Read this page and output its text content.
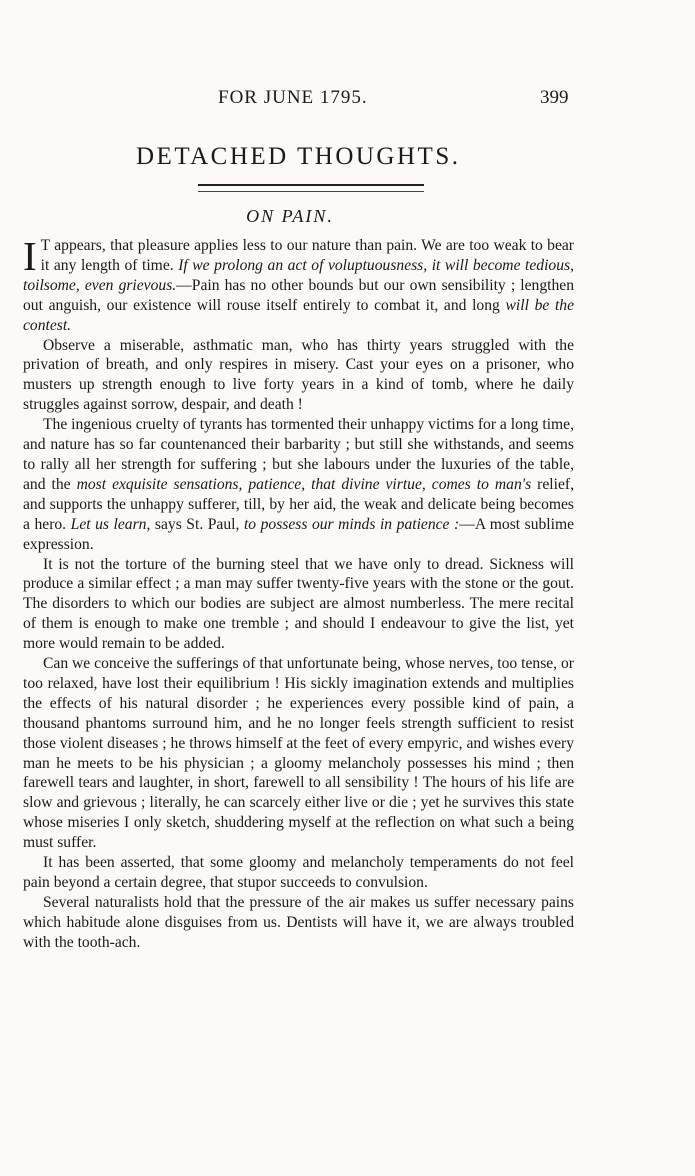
FOR JUNE 1795.	399
DETACHED THOUGHTS.
ON PAIN.

I T appears, that pleasure applies less to our nature than pain. We are too weak to bear it any length of time. If we prolong an act of voluptuousness, it will become tedious, toilsome, even grievous.—Pain has no other bounds but our own sensibility ; lengthen out anguish, our existence will rouse itself entirely to combat it, and long will be the contest.

Observe a miserable, asthmatic man, who has thirty years struggled with the privation of breath, and only respires in misery. Cast your eyes on a prisoner, who musters up strength enough to live forty years in a kind of tomb, where he daily struggles against sorrow, despair, and death !

The ingenious cruelty of tyrants has tormented their unhappy victims for a long time, and nature has so far countenanced their barbarity ; but still she withstands, and seems to rally all her strength for suffering ; but she labours under the luxuries of the table, and the most exquisite sensations, patience, that divine virtue, comes to man's relief, and supports the unhappy sufferer, till, by her aid, the weak and delicate being becomes a hero. Let us learn, says St. Paul, to possess our minds in patience :—A most sublime expression.

It is not the torture of the burning steel that we have only to dread. Sickness will produce a similar effect ; a man may suffer twenty-five years with the stone or the gout. The disorders to which our bodies are subject are almost numberless. The mere recital of them is enough to make one tremble ; and should I endeavour to give the list, yet more would remain to be added.

Can we conceive the sufferings of that unfortunate being, whose nerves, too tense, or too relaxed, have lost their equilibrium ! His sickly imagination extends and multiplies the effects of his natural disorder ; he experiences every possible kind of pain, a thousand phantoms surround him, and he no longer feels strength sufficient to resist those violent diseases ; he throws himself at the feet of every empyric, and wishes every man he meets to be his physician ; a gloomy melancholy possesses his mind ; then farewell tears and laughter, in short, farewell to all sensibility ! The hours of his life are slow and grievous ; literally, he can scarcely either live or die ; yet he survives this state whose miseries I only sketch, shuddering myself at the reflection on what such a being must suffer.

It has been asserted, that some gloomy and melancholy temperaments do not feel pain beyond a certain degree, that stupor succeeds to convulsion.

Several naturalists hold that the pressure of the air makes us suffer necessary pains which habitude alone disguises from us. Dentists will have it, we are always troubled with the tooth-ach.
